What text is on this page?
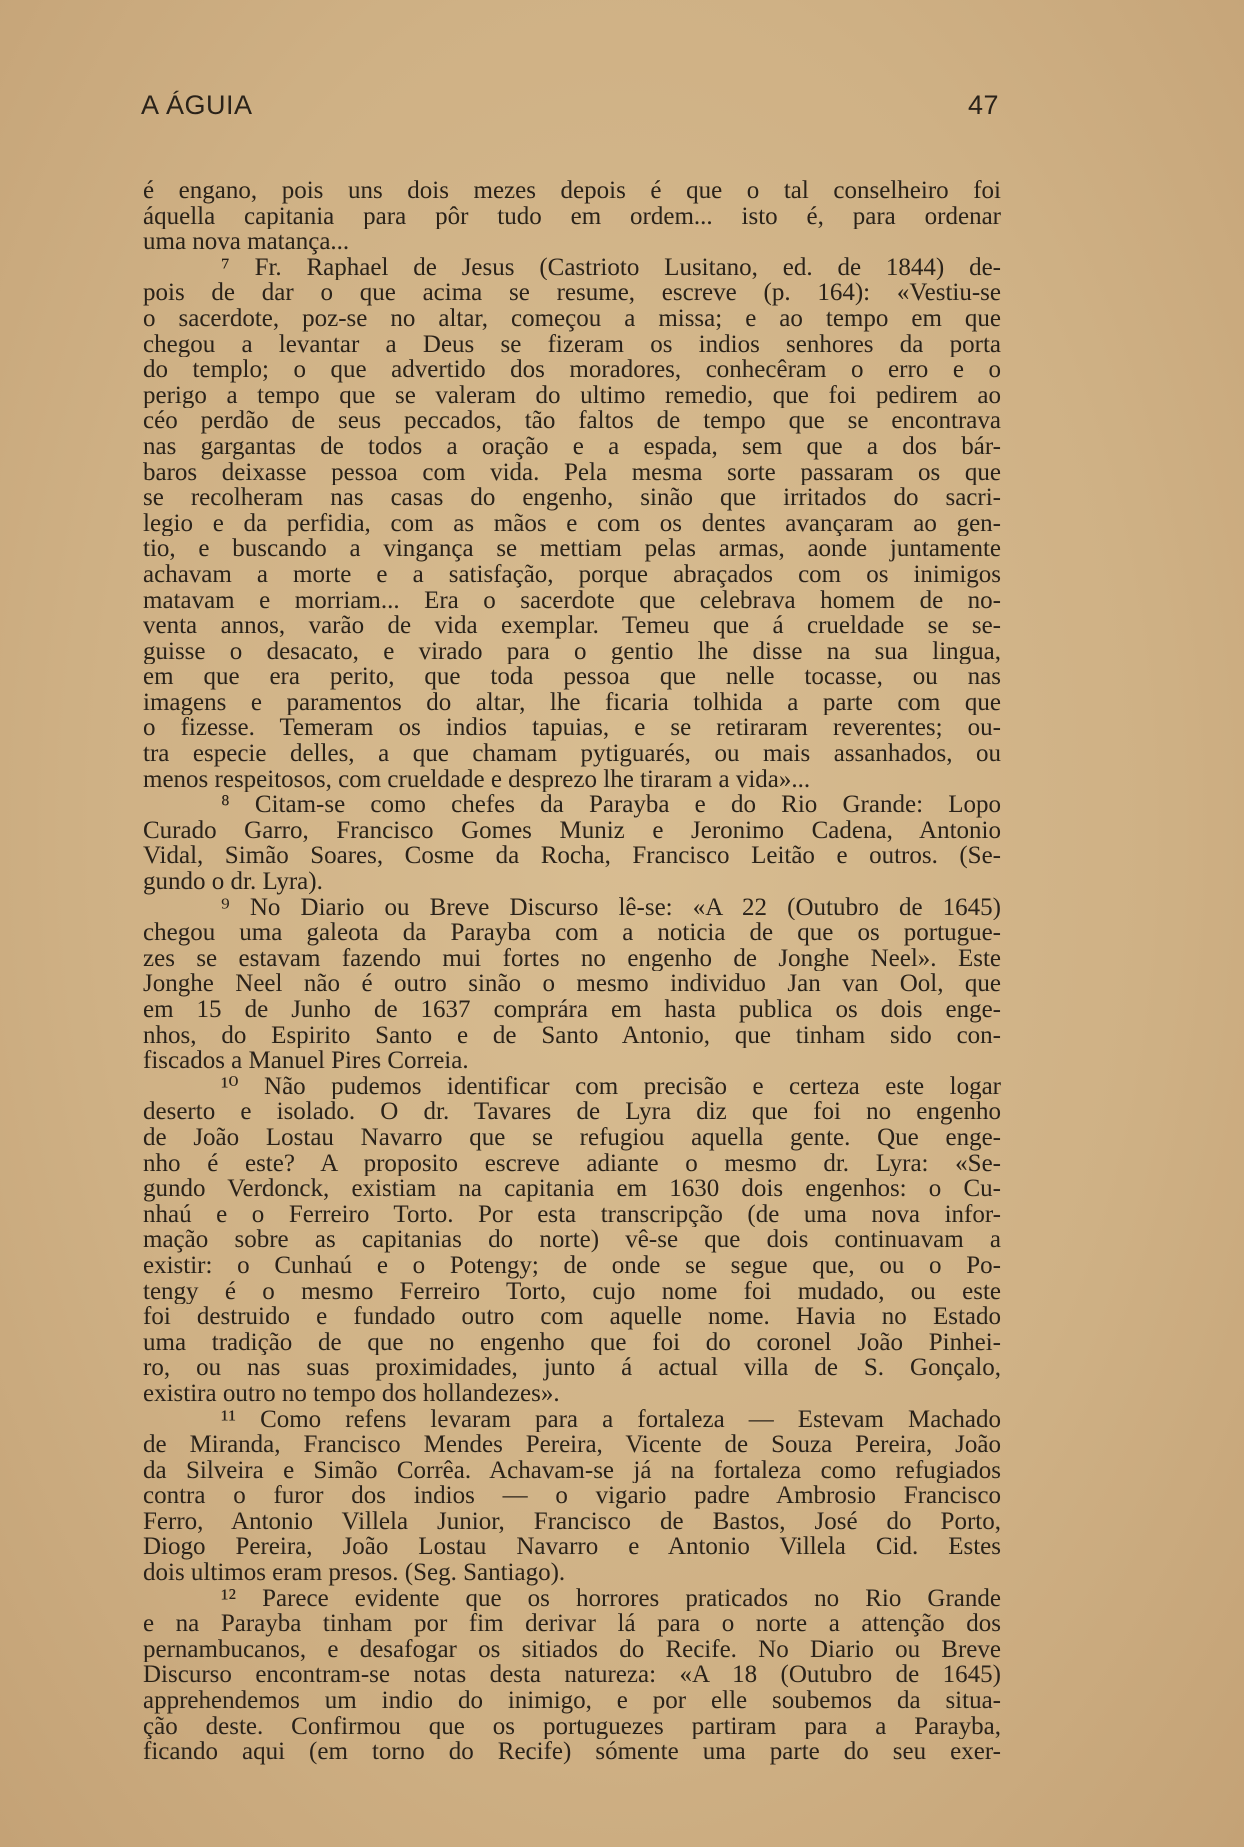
A ÁGUIA	47
é engano, pois uns dois mezes depois é que o tal conselheiro foi
áquella capitania para pôr tudo em ordem... isto é, para ordenar
uma nova matança...
⁷ Fr. Raphael de Jesus (Castrioto Lusitano, ed. de 1844) de-
pois de dar o que acima se resume, escreve (p. 164): «Vestiu-se
o sacerdote, poz-se no altar, começou a missa; e ao tempo em que
chegou a levantar a Deus se fizeram os indios senhores da porta
do templo; o que advertido dos moradores, conhecêram o erro e o
perigo a tempo que se valeram do ultimo remedio, que foi pedirem ao
céo perdão de seus peccados, tão faltos de tempo que se encontrava
nas gargantas de todos a oração e a espada, sem que a dos bár-
baros deixasse pessoa com vida. Pela mesma sorte passaram os que
se recolheram nas casas do engenho, sinão que irritados do sacri-
legio e da perfidia, com as mãos e com os dentes avançaram ao gen-
tio, e buscando a vingança se mettiam pelas armas, aonde juntamente
achavam a morte e a satisfação, porque abraçados com os inimigos
matavam e morriam... Era o sacerdote que celebrava homem de no-
venta annos, varão de vida exemplar. Temeu que á crueldade se se-
guisse o desacato, e virado para o gentio lhe disse na sua lingua,
em que era perito, que toda pessoa que nelle tocasse, ou nas
imagens e paramentos do altar, lhe ficaria tolhida a parte com que
o fizesse. Temeram os indios tapuias, e se retiraram reverentes; ou-
tra especie delles, a que chamam pytiguarés, ou mais assanhados, ou
menos respeitosos, com crueldade e desprezo lhe tiraram a vida»...
⁸ Citam-se como chefes da Parayba e do Rio Grande: Lopo
Curado Garro, Francisco Gomes Muniz e Jeronimo Cadena, Antonio
Vidal, Simão Soares, Cosme da Rocha, Francisco Leitão e outros. (Se-
gundo o dr. Lyra).
⁹ No Diario ou Breve Discurso lê-se: «A 22 (Outubro de 1645)
chegou uma galeota da Parayba com a noticia de que os portugue-
zes se estavam fazendo mui fortes no engenho de Jonghe Neel». Este
Jonghe Neel não é outro sinão o mesmo individuo Jan van Ool, que
em 15 de Junho de 1637 comprára em hasta publica os dois enge-
nhos, do Espirito Santo e de Santo Antonio, que tinham sido con-
fiscados a Manuel Pires Correia.
¹⁰ Não pudemos identificar com precisão e certeza este logar
deserto e isolado. O dr. Tavares de Lyra diz que foi no engenho
de João Lostau Navarro que se refugiou aquella gente. Que enge-
nho é este? A proposito escreve adiante o mesmo dr. Lyra: «Se-
gundo Verdonck, existiam na capitania em 1630 dois engenhos: o Cu-
nhaú e o Ferreiro Torto. Por esta transcripção (de uma nova infor-
mação sobre as capitanias do norte) vê-se que dois continuavam a
existir: o Cunhaú e o Potengy; de onde se segue que, ou o Po-
tengy é o mesmo Ferreiro Torto, cujo nome foi mudado, ou este
foi destruido e fundado outro com aquelle nome. Havia no Estado
uma tradição de que no engenho que foi do coronel João Pinhei-
ro, ou nas suas proximidades, junto á actual villa de S. Gonçalo,
existira outro no tempo dos hollandezes».
¹¹ Como refens levaram para a fortaleza — Estevam Machado
de Miranda, Francisco Mendes Pereira, Vicente de Souza Pereira, João
da Silveira e Simão Corrêa. Achavam-se já na fortaleza como refugiados
contra o furor dos indios — o vigario padre Ambrosio Francisco
Ferro, Antonio Villela Junior, Francisco de Bastos, José do Porto,
Diogo Pereira, João Lostau Navarro e Antonio Villela Cid. Estes
dois ultimos eram presos. (Seg. Santiago).
¹² Parece evidente que os horrores praticados no Rio Grande
e na Parayba tinham por fim derivar lá para o norte a attenção dos
pernambucanos, e desafogar os sitiados do Recife. No Diario ou Breve
Discurso encontram-se notas desta natureza: «A 18 (Outubro de 1645)
apprehendemos um indio do inimigo, e por elle soubemos da situa-
ção deste. Confirmou que os portuguezes partiram para a Parayba,
ficando aqui (em torno do Recife) sómente uma parte do seu exer-
